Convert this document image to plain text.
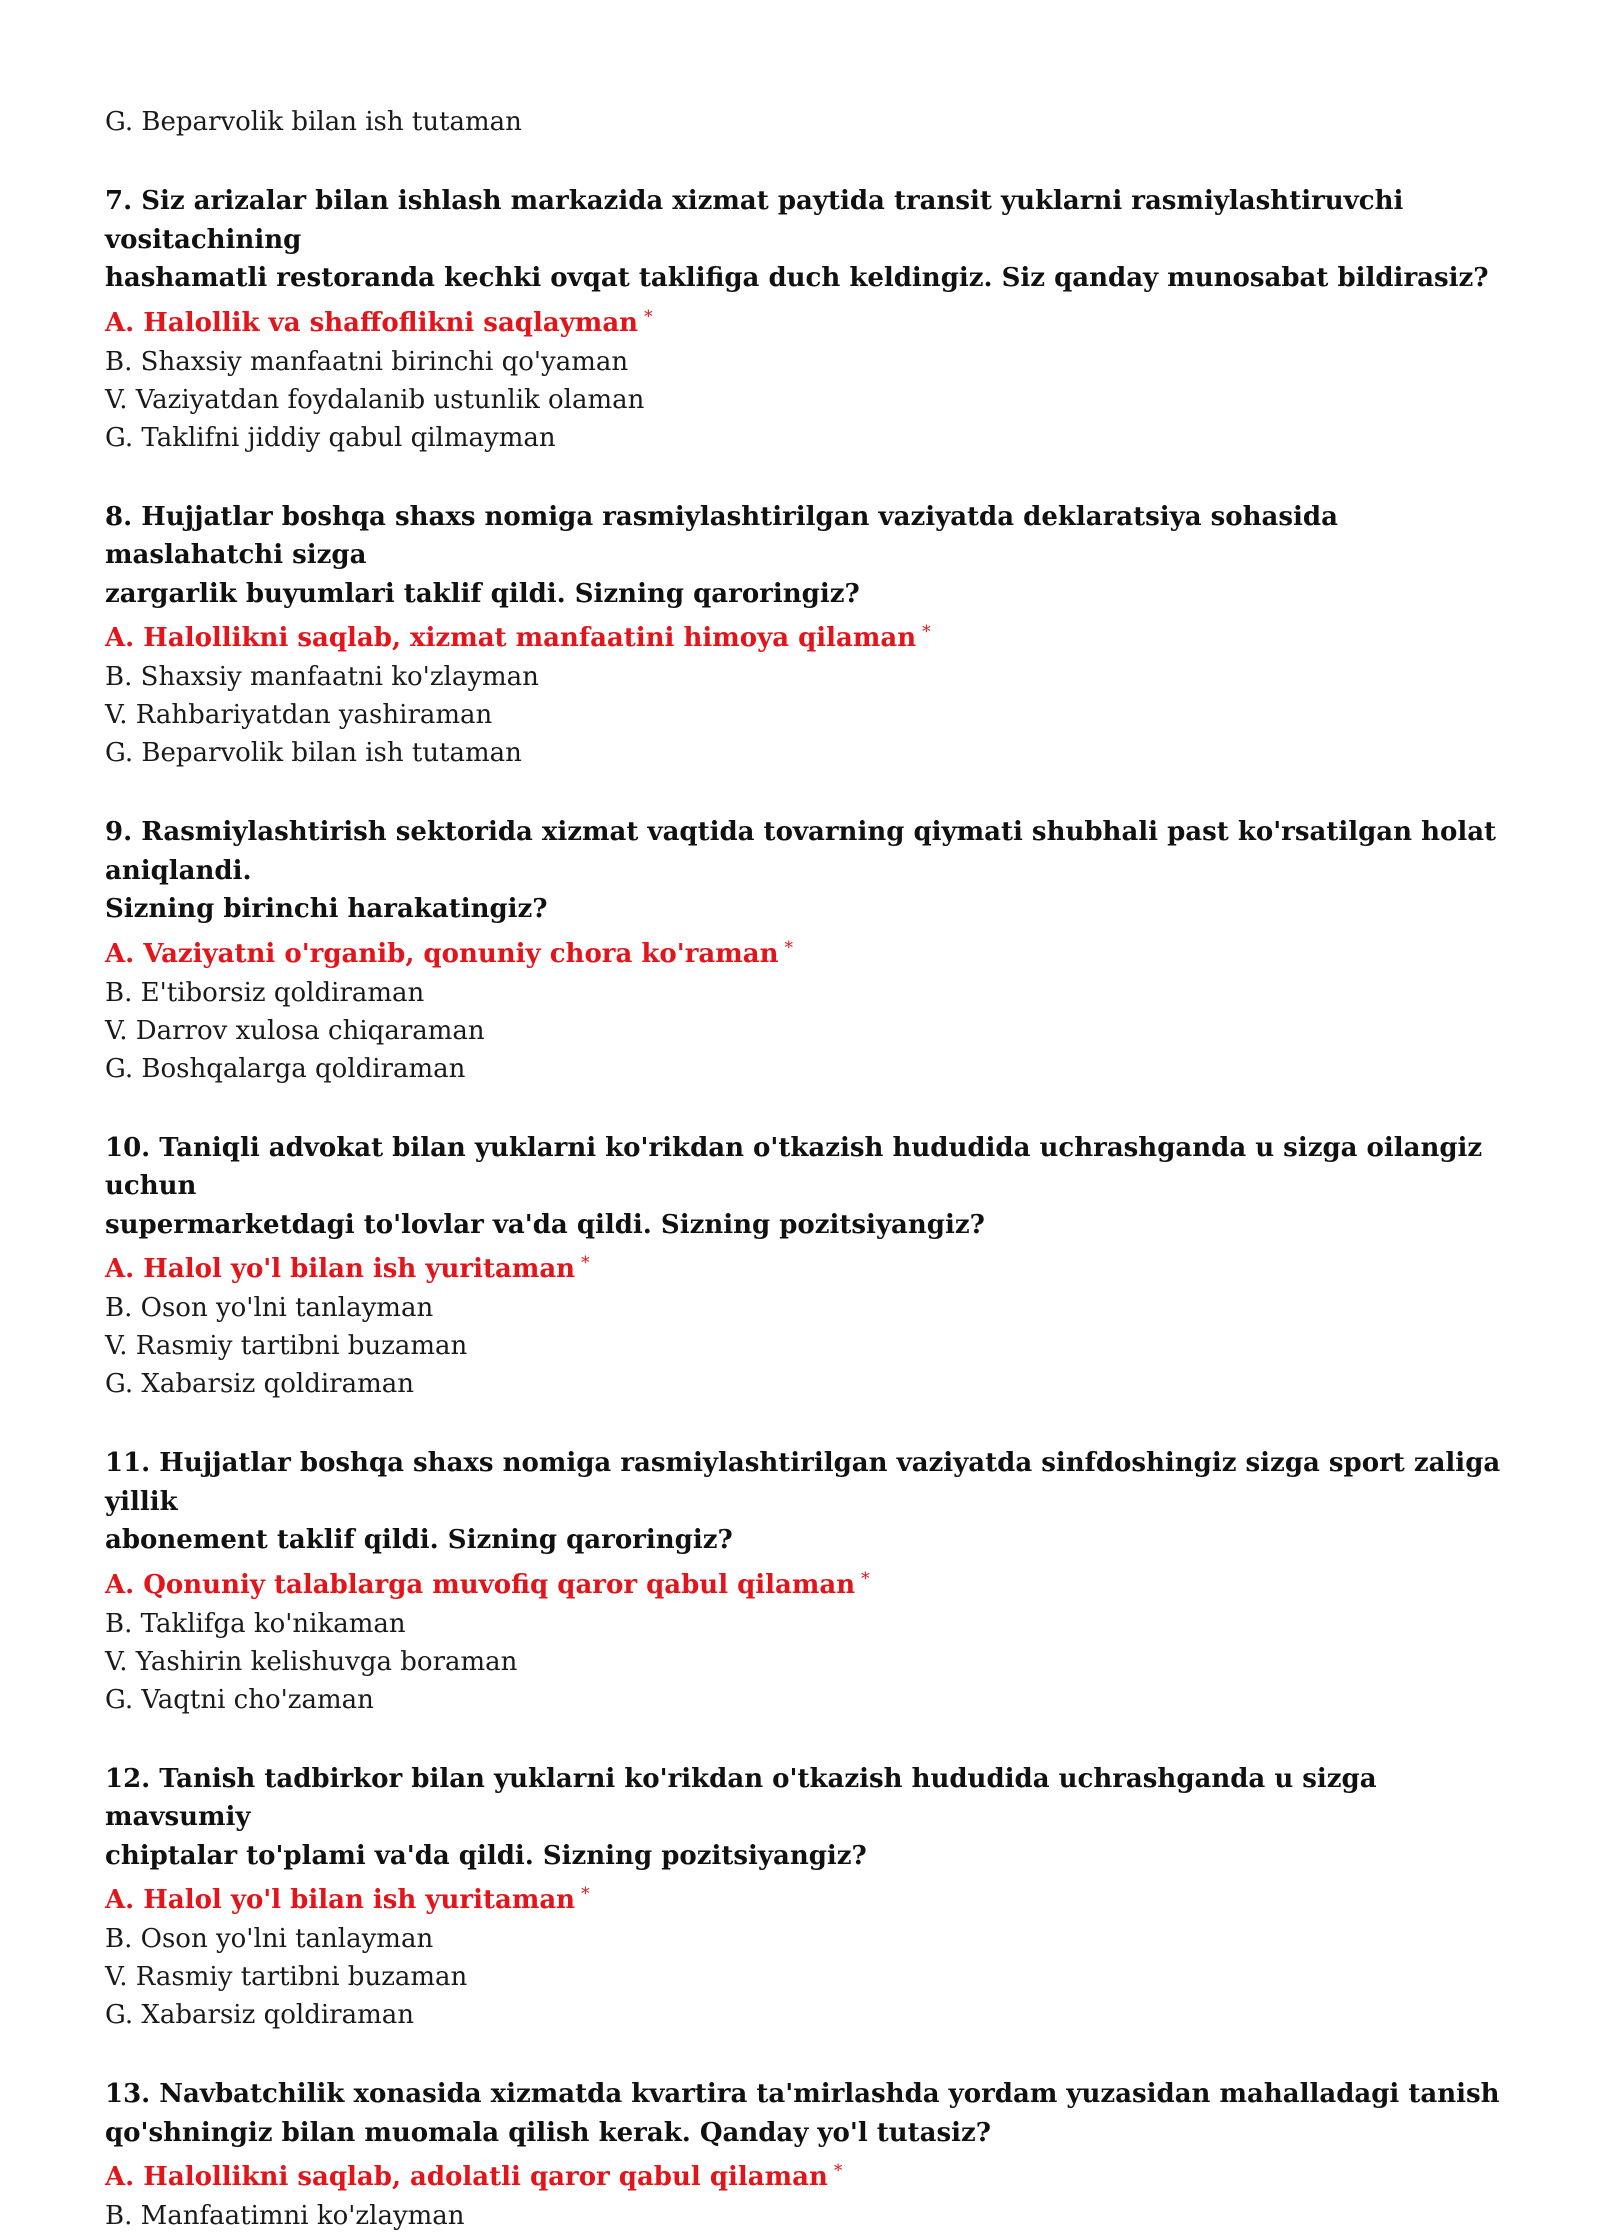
G. Beparvolik bilan ish tutaman
7. Siz arizalar bilan ishlash markazida xizmat paytida transit yuklarni rasmiylashtiruvchi vositachining
hashamatli restoranda kechki ovqat taklifiga duch keldingiz. Siz qanday munosabat bildirasiz?
A. Halollik va shaffoflikni saqlayman *
B. Shaxsiy manfaatni birinchi qo'yaman
V. Vaziyatdan foydalanib ustunlik olaman
G. Taklifni jiddiy qabul qilmayman
8. Hujjatlar boshqa shaxs nomiga rasmiylashtirilgan vaziyatda deklaratsiya sohasida maslahatchi sizga
zargarlik buyumlari taklif qildi. Sizning qaroringiz?
A. Halollikni saqlab, xizmat manfaatini himoya qilaman *
B. Shaxsiy manfaatni ko'zlayman
V. Rahbariyatdan yashiraman
G. Beparvolik bilan ish tutaman
9. Rasmiylashtirish sektorida xizmat vaqtida tovarning qiymati shubhali past ko'rsatilgan holat aniqlandi.
Sizning birinchi harakatingiz?
A. Vaziyatni o'rganib, qonuniy chora ko'raman *
B. E'tiborsiz qoldiraman
V. Darrov xulosa chiqaraman
G. Boshqalarga qoldiraman
10. Taniqli advokat bilan yuklarni ko'rikdan o'tkazish hududida uchrashganda u sizga oilangiz uchun
supermarketdagi to'lovlar va'da qildi. Sizning pozitsiyangiz?
A. Halol yo'l bilan ish yuritaman *
B. Oson yo'lni tanlayman
V. Rasmiy tartibni buzaman
G. Xabarsiz qoldiraman
11. Hujjatlar boshqa shaxs nomiga rasmiylashtirilgan vaziyatda sinfdoshingiz sizga sport zaliga yillik
abonement taklif qildi. Sizning qaroringiz?
A. Qonuniy talablarga muvofiq qaror qabul qilaman *
B. Taklifga ko'nikaman
V. Yashirin kelishuvga boraman
G. Vaqtni cho'zaman
12. Tanish tadbirkor bilan yuklarni ko'rikdan o'tkazish hududida uchrashganda u sizga mavsumiy
chiptalar to'plami va'da qildi. Sizning pozitsiyangiz?
A. Halol yo'l bilan ish yuritaman *
B. Oson yo'lni tanlayman
V. Rasmiy tartibni buzaman
G. Xabarsiz qoldiraman
13. Navbatchilik xonasida xizmatda kvartira ta'mirlashda yordam yuzasidan mahalladagi tanish
qo'shningiz bilan muomala qilish kerak. Qanday yo'l tutasiz?
A. Halollikni saqlab, adolatli qaror qabul qilaman *
B. Manfaatimni ko'zlayman
